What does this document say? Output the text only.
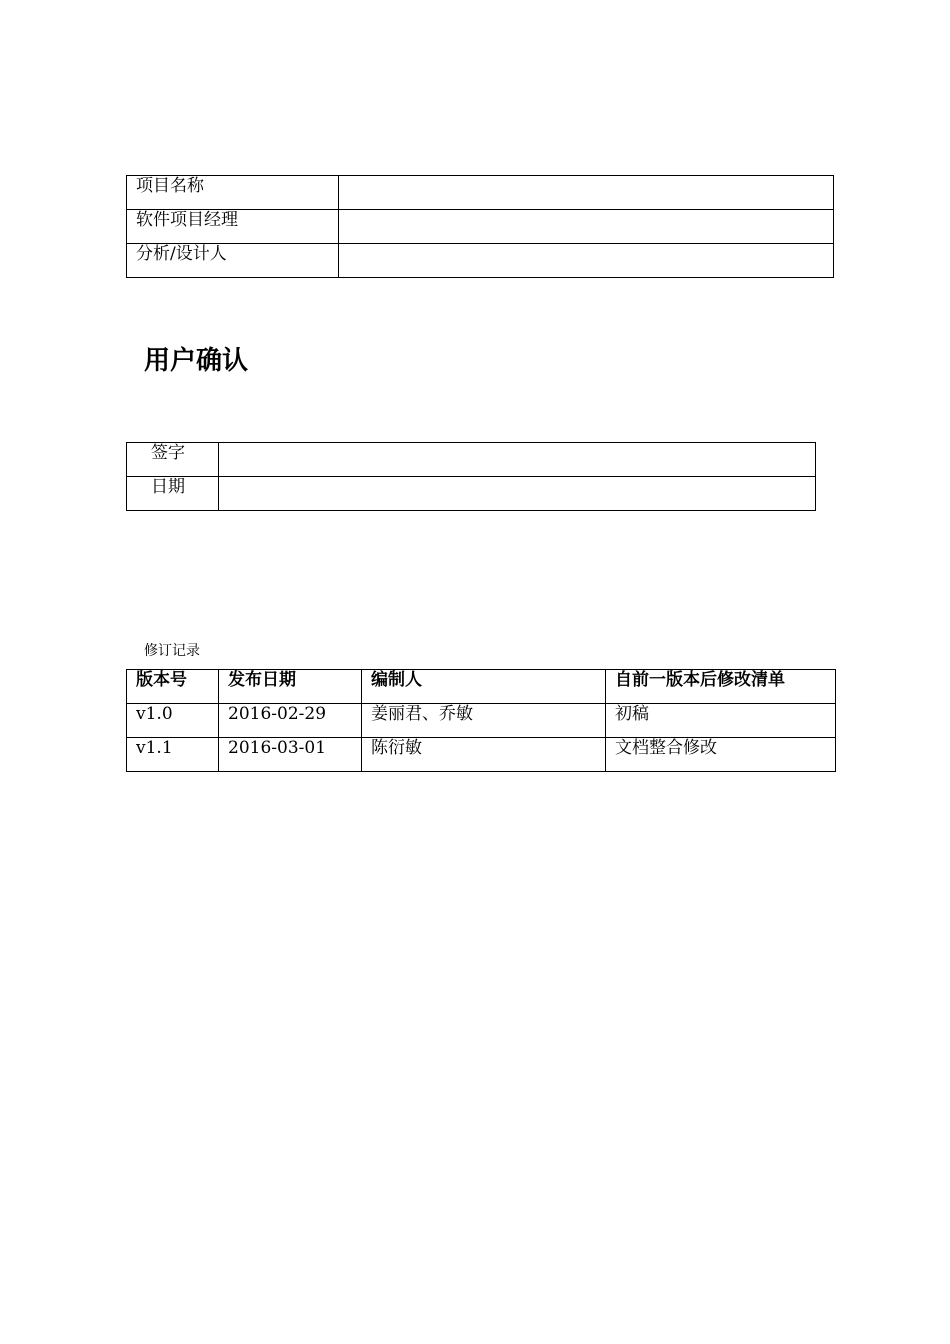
项目名称	
软件项目经理	
分析/设计人	
用户确认
签字	
日期	
修订记录
版本号	发布日期	编制人	自前一版本后修改清单
v1.0	2016-02-29	姜丽君、乔敏	初稿
v1.1	2016-03-01	陈衍敏	文档整合修改
